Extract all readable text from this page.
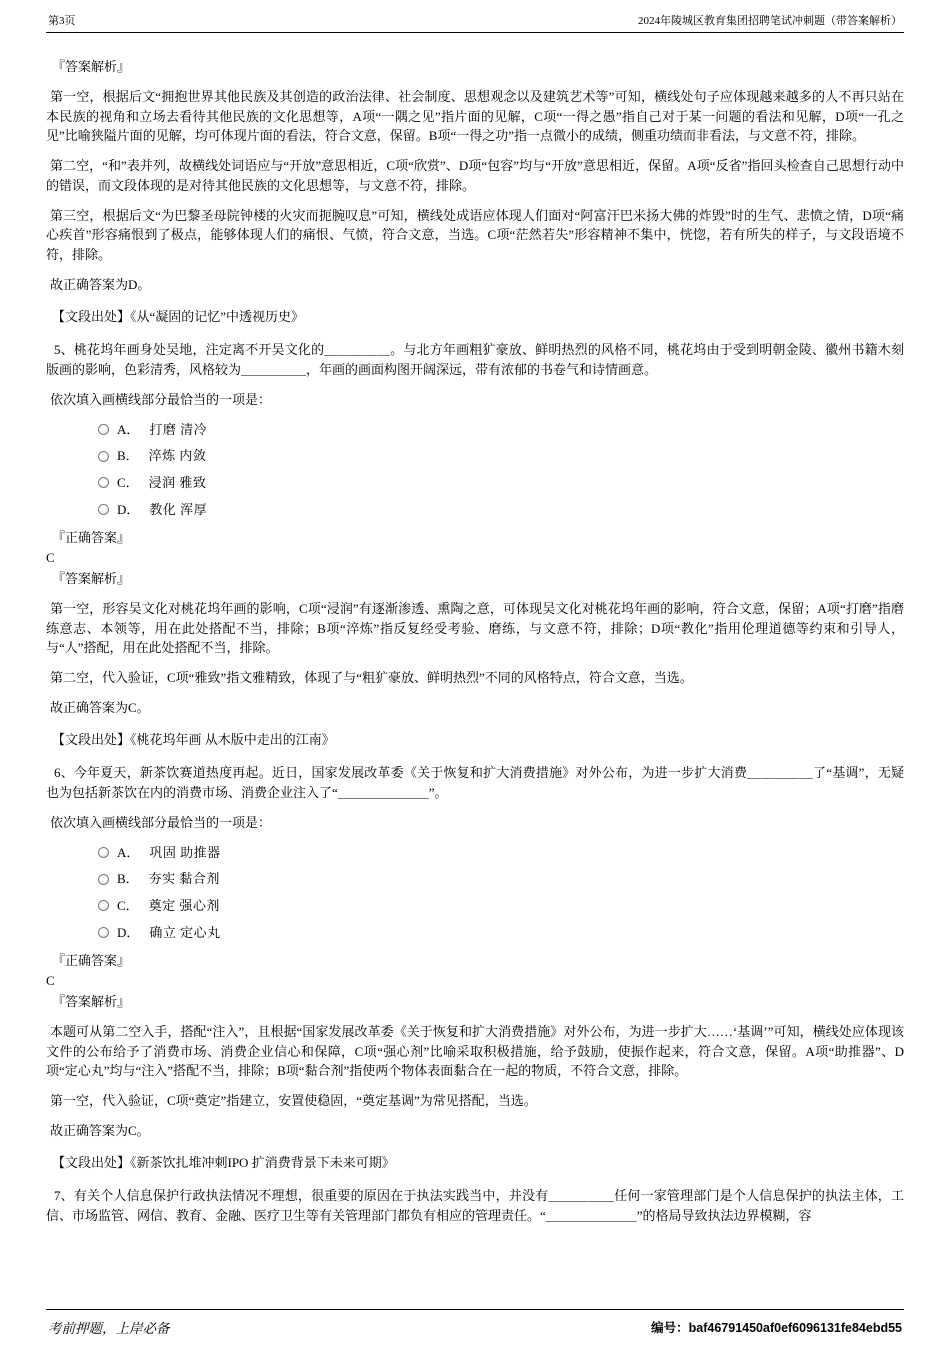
第3页	2024年陵城区教育集团招聘笔试冲刺题（带答案解析）

『答案解析』

第一空，根据后文“拥抱世界其他民族及其创造的政治法律、社会制度、思想观念以及建筑艺术等”可知，横线处句子应体现越来越多的人不再只站在本民族的视角和立场去看待其他民族的文化思想等，A项“一隅之见”指片面的见解，C项“一得之愚”指自己对于某一问题的看法和见解，D项“一孔之见”比喻狭隘片面的见解，均可体现片面的看法，符合文意，保留。B项“一得之功”指一点微小的成绩，侧重功绩而非看法，与文意不符，排除。

第二空，“和”表并列，故横线处词语应与“开放”意思相近，C项“欣赏”、D项“包容”均与“开放”意思相近，保留。A项“反省”指回头检查自己思想行动中的错误，而文段体现的是对待其他民族的文化思想等，与文意不符，排除。

第三空，根据后文“为巴黎圣母院钟楼的火灾而扼腕叹息”可知，横线处成语应体现人们面对“阿富汗巴米扬大佛的炸毁”时的生气、悲愤之情，D项“痛心疾首”形容痛恨到了极点，能够体现人们的痛恨、气愤，符合文意，当选。C项“茫然若失”形容精神不集中，恍惚，若有所失的样子，与文段语境不符，排除。

故正确答案为D。

【文段出处】《从“凝固的记忆”中透视历史》

5、桃花坞年画身处吴地，注定离不开吴文化的＿＿＿＿＿。与北方年画粗犷豪放、鲜明热烈的风格不同，桃花坞由于受到明朝金陵、徽州书籍木刻版画的影响，色彩清秀，风格较为＿＿＿＿＿，年画的画面构图开阔深远，带有浓郁的书卷气和诗情画意。

依次填入画横线部分最恰当的一项是：

A． 打磨 清冷
B． 淬炼 内敛
C． 浸润 雅致
D． 教化 浑厚

『正确答案』

C

『答案解析』

第一空，形容吴文化对桃花坞年画的影响，C项“浸润”有逐渐渗透、熏陶之意，可体现吴文化对桃花坞年画的影响，符合文意，保留；A项“打磨”指磨练意志、本领等，用在此处搭配不当，排除；B项“淬炼”指反复经受考验、磨练，与文意不符，排除；D项“教化”指用伦理道德等约束和引导人，与“人”搭配，用在此处搭配不当，排除。

第二空，代入验证，C项“雅致”指文雅精致，体现了与“粗犷豪放、鲜明热烈”不同的风格特点，符合文意，当选。

故正确答案为C。

【文段出处】《桃花坞年画 从木版中走出的江南》

6、今年夏天，新茶饮赛道热度再起。近日，国家发展改革委《关于恢复和扩大消费措施》对外公布，为进一步扩大消费＿＿＿＿＿了“基调”，无疑也为包括新茶饮在内的消费市场、消费企业注入了“＿＿＿＿＿＿＿”。

依次填入画横线部分最恰当的一项是：

A． 巩固 助推器
B． 夯实 黏合剂
C． 奠定 强心剂
D． 确立 定心丸

『正确答案』

C

『答案解析』

本题可从第二空入手，搭配“注入”，且根据“国家发展改革委《关于恢复和扩大消费措施》对外公布，为进一步扩大……‘基调’”可知，横线处应体现该文件的公布给予了消费市场、消费企业信心和保障，C项“强心剂”比喻采取积极措施，给予鼓励，使振作起来，符合文意，保留。A项“助推器”、D项“定心丸”均与“注入”搭配不当，排除；B项“黏合剂”指使两个物体表面黏合在一起的物质，不符合文意，排除。

第一空，代入验证，C项“奠定”指建立，安置使稳固，“奠定基调”为常见搭配，当选。

故正确答案为C。

【文段出处】《新茶饮扎堆冲刺IPO 扩消费背景下未来可期》

7、有关个人信息保护行政执法情况不理想，很重要的原因在于执法实践当中，并没有＿＿＿＿＿任何一家管理部门是个人信息保护的执法主体，工信、市场监管、网信、教育、金融、医疗卫生等有关管理部门都负有相应的管理责任。“＿＿＿＿＿＿＿”的格局导致执法边界模糊，容

考前押题，上岸必备	编号：baf46791450af0ef6096131fe84ebd55
